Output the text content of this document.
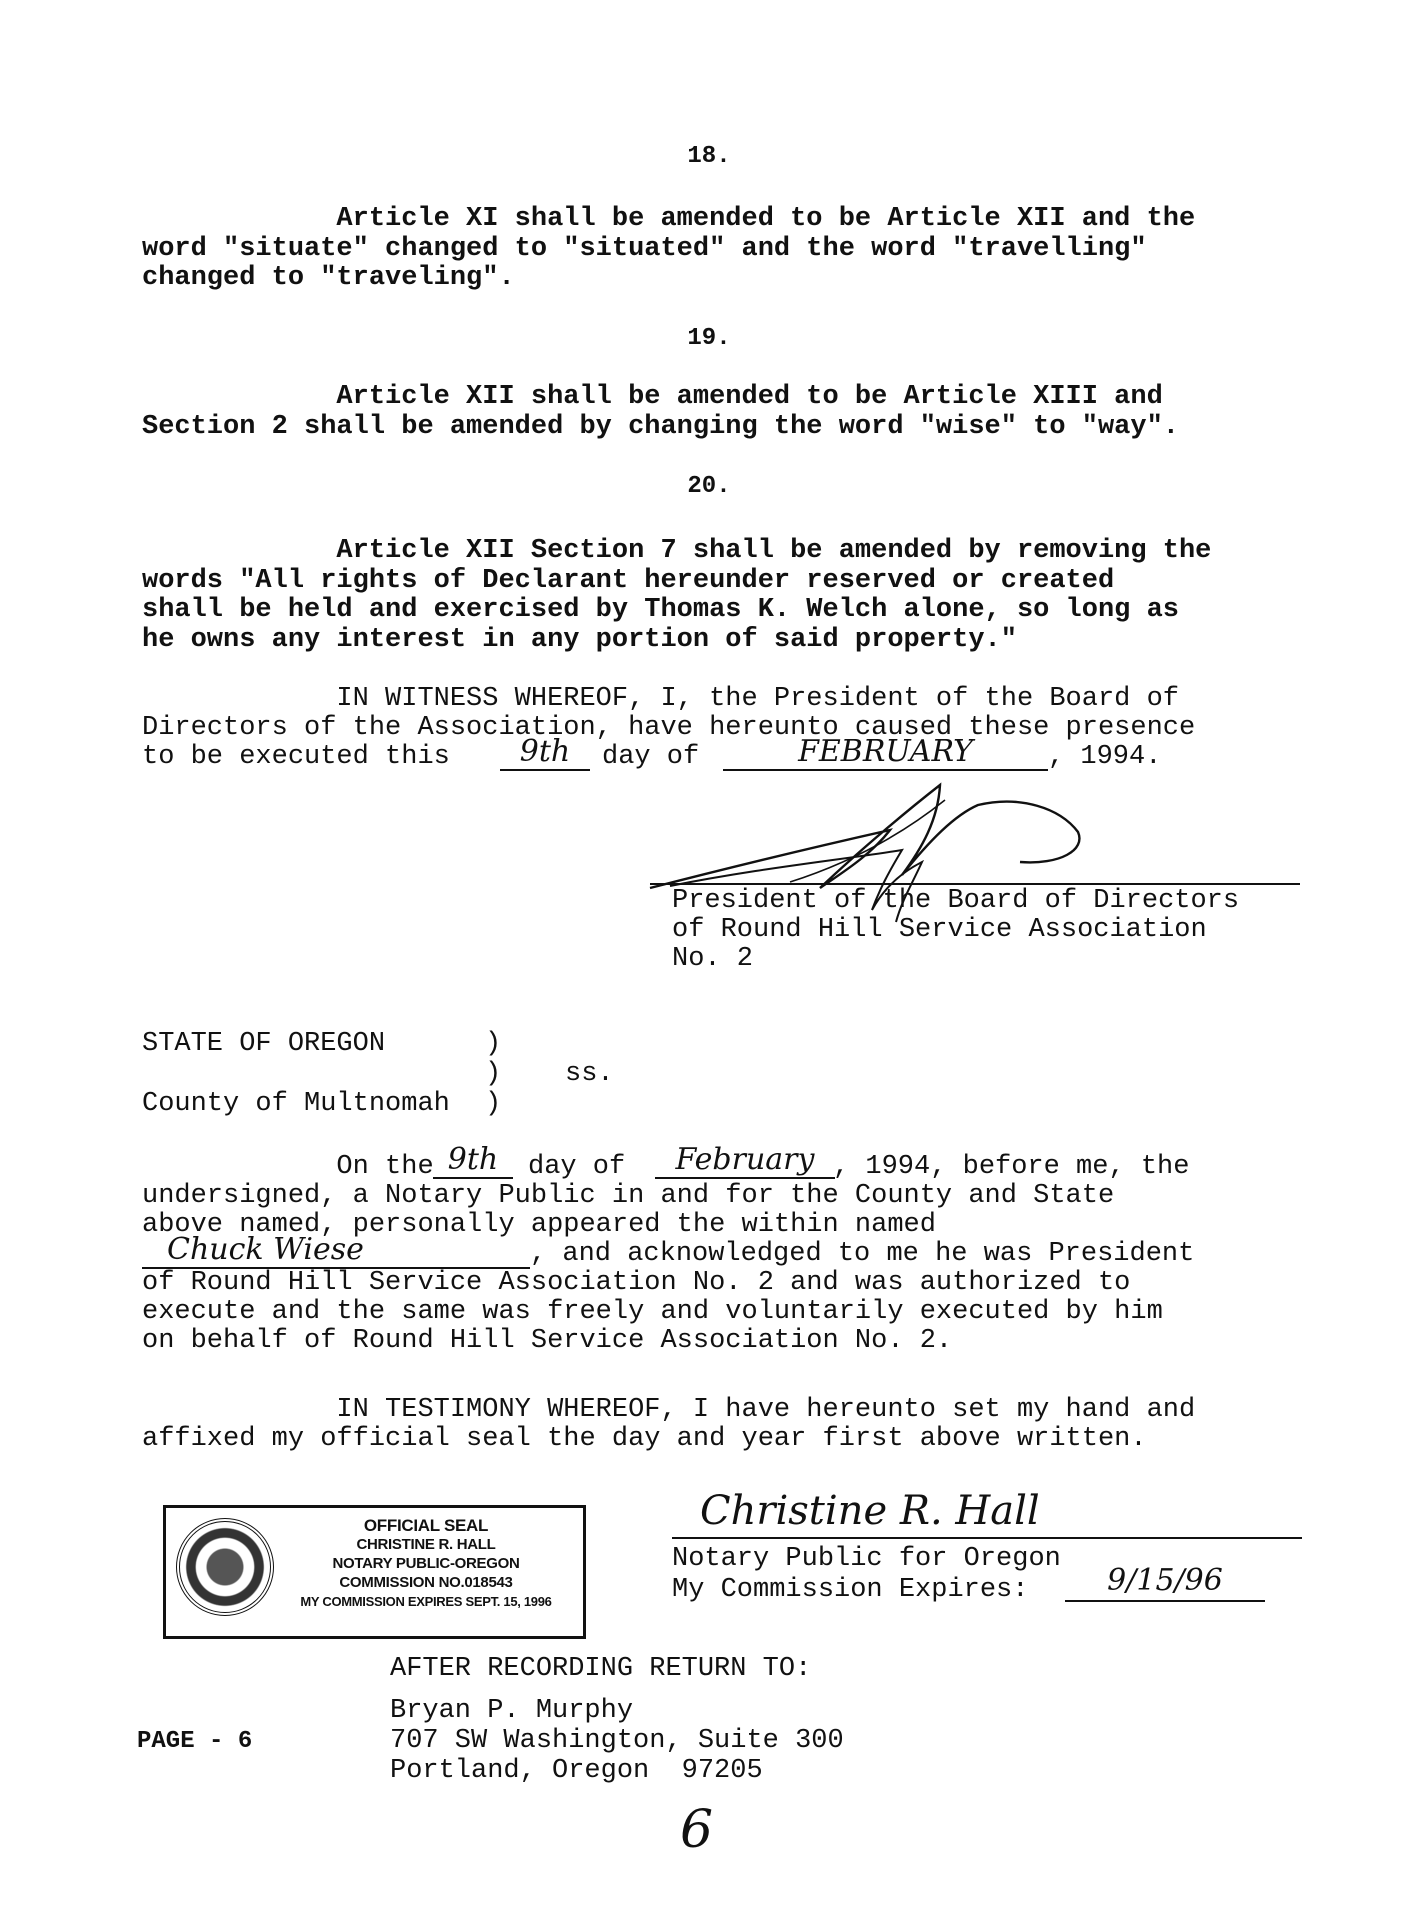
18.
Article XI shall be amended to be Article XII and the
word "situate" changed to "situated" and the word "travelling"
changed to "traveling".
19.
Article XII shall be amended to be Article XIII and
Section 2 shall be amended by changing the word "wise" to "way".
20.
Article XII Section 7 shall be amended by removing the
words "All rights of Declarant hereunder reserved or created
shall be held and exercised by Thomas K. Welch alone, so long as
he owns any interest in any portion of said property."
IN WITNESS WHEREOF, I, the President of the Board of
Directors of the Association, have hereunto caused these presence
to be executed this	9th	day of	FEBRUARY	, 1994.
President of the Board of Directors
of Round Hill Service Association
No. 2
STATE OF OREGON	)
) ss.
County of Multnomah )
On the 9th	day of	February , 1994, before me, the
undersigned, a Notary Public in and for the County and State
above named, personally appeared the within named
Chuck Wiese	, and acknowledged to me he was President
of Round Hill Service Association No. 2 and was authorized to
execute and the same was freely and voluntarily executed by him
on behalf of Round Hill Service Association No. 2.
IN TESTIMONY WHEREOF, I have hereunto set my hand and
affixed my official seal the day and year first above written.
OFFICIAL SEAL
CHRISTINE R. HALL
NOTARY PUBLIC-OREGON
COMMISSION NO.018543
MY COMMISSION EXPIRES SEPT. 15, 1996
Christine R. Hall
Notary Public for Oregon
My Commission Expires:	9/15/96
AFTER RECORDING RETURN TO:
Bryan P. Murphy
707 SW Washington, Suite 300
Portland, Oregon  97205
PAGE - 6
6
